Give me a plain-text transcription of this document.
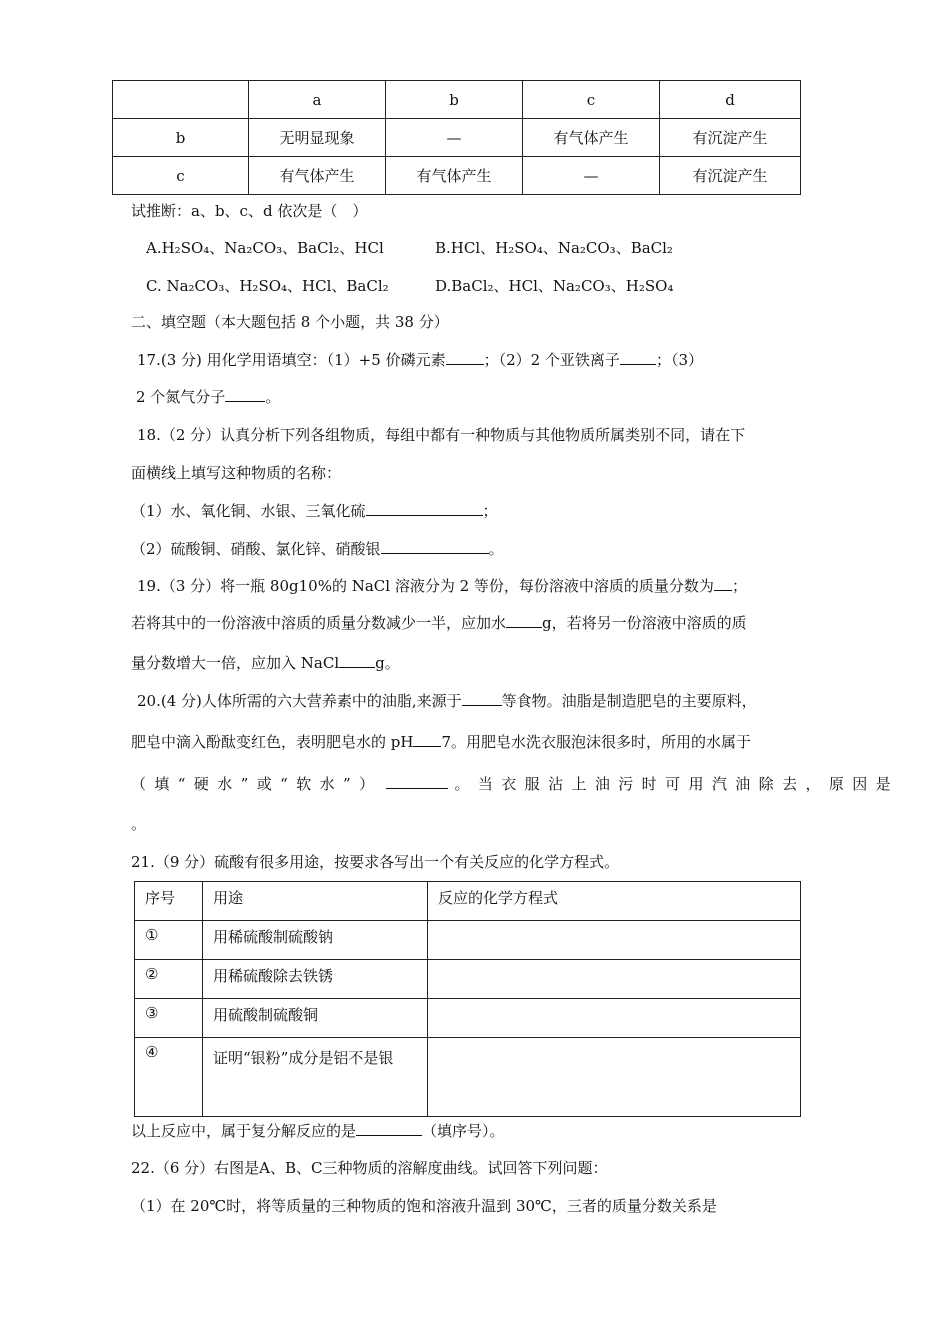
	a	b	c	d
b	无明显现象	—	有气体产生	有沉淀产生
c	有气体产生	有气体产生	—	有沉淀产生
试推断：a、b、c、d 依次是（　）
A.H₂SO₄、Na₂CO₃、BaCl₂、HCl	B.HCl、H₂SO₄、Na₂CO₃、BaCl₂
C. Na₂CO₃、H₂SO₄、HCl、BaCl₂	D.BaCl₂、HCl、Na₂CO₃、H₂SO₄
二、填空题（本大题包括 8 个小题，共 38 分）
17.(3 分) 用化学用语填空：（1）+5 价磷元素	；（2）2 个亚铁离子 ；（3）
2 个氮气分子	。
18.（2 分）认真分析下列各组物质，每组中都有一种物质与其他物质所属类别不同，请在下
面横线上填写这种物质的名称：
（1）水、氧化铜、水银、三氧化硫	；
（2）硫酸铜、硝酸、氯化锌、硝酸银	。
19.（3 分）将一瓶 80g10%的 NaCl 溶液分为 2 等份，每份溶液中溶质的质量分数为 ；
若将其中的一份溶液中溶质的质量分数减少一半，应加水 g，若将另一份溶液中溶质的质
量分数增大一倍，应加入 NaCl g。
20.(4 分)人体所需的六大营养素中的油脂,来源于	等食物。油脂是制造肥皂的主要原料，
肥皂中滴入酚酞变红色，表明肥皂水的 pH 7。用肥皂水洗衣服泡沫很多时，所用的水属于
（填“硬水”或“软水”）	。当衣服沾上油污时可用汽油除去，原因是
。
21.（9 分）硫酸有很多用途，按要求各写出一个有关反应的化学方程式。
序号	用途	反应的化学方程式
①	用稀硫酸制硫酸钠	
②	用稀硫酸除去铁锈	
③	用硫酸制硫酸铜	
④	证明“银粉”成分是铝不是银	
以上反应中，属于复分解反应的是	（填序号）。
22.（6 分）右图是A、B、C三种物质的溶解度曲线。试回答下列问题：
（1）在 20℃时，将等质量的三种物质的饱和溶液升温到 30℃，三者的质量分数关系是
